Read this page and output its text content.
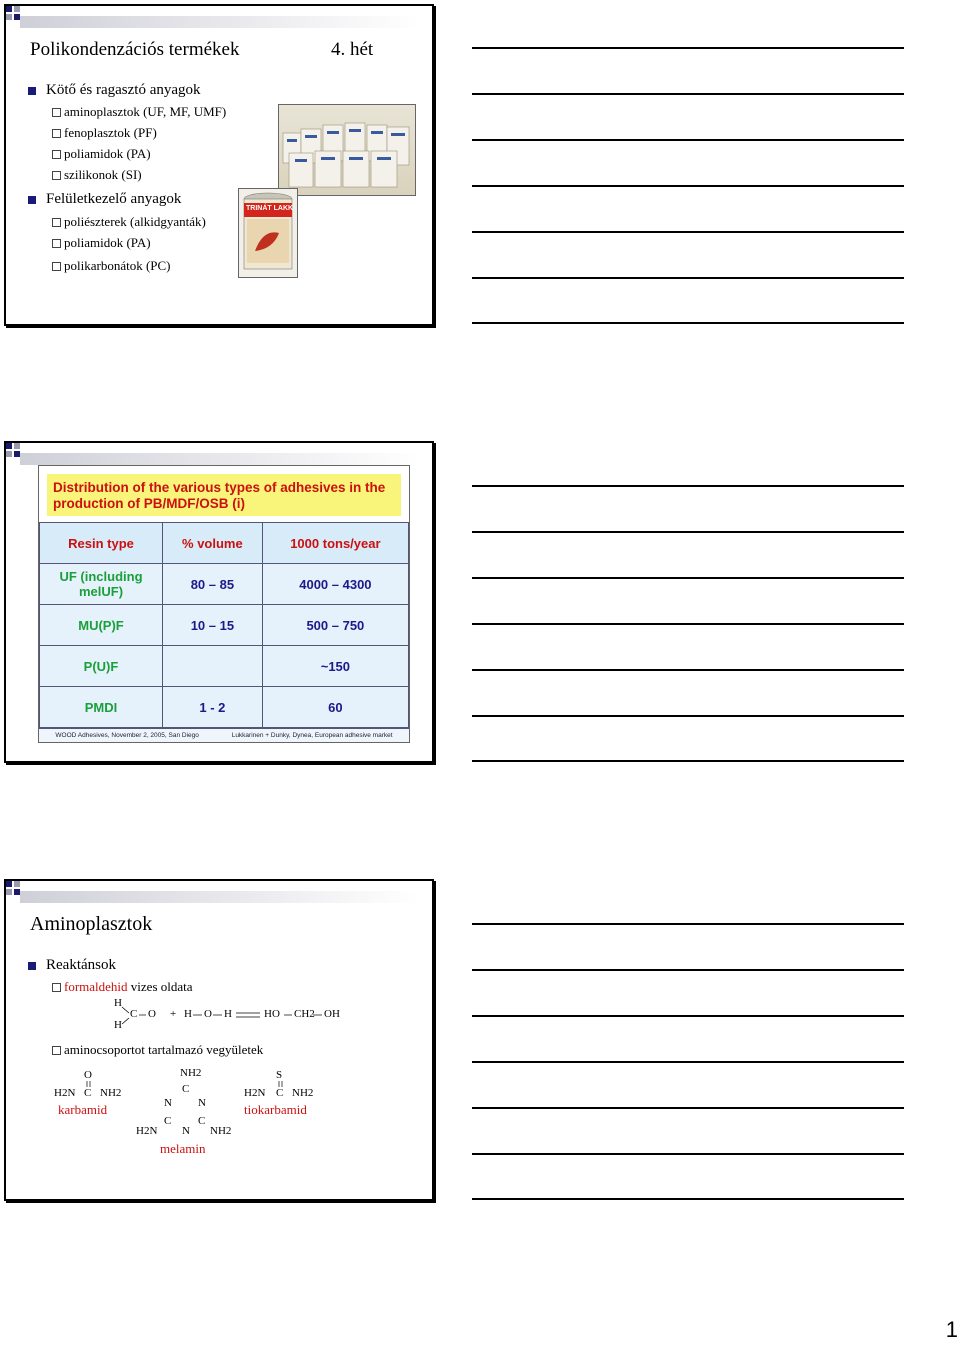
Polikondenzációs termékek	4. hét
Kötő és ragasztó anyagok
aminoplasztok (UF, MF, UMF)
fenoplasztok (PF)
poliamidok (PA)
szilikonok (SI)
Felületkezelő anyagok
poliészterek (alkidgyanták)
poliamidok (PA)
polikarbonátok (PC)
TRINÁT LAKK
Distribution of the various types of adhesives in the production of PB/MDF/OSB (i)
Resin type	% volume	1000 tons/year
UF (including melUF)	80 – 85	4000 – 4300
MU(P)F	10 – 15	500 – 750
P(U)F		~150
PMDI	1 - 2	60
WOOD Adhesives, November 2, 2005, San Diego	Lukkarinen + Dunky, Dynea, European adhesive market
Aminoplasztok
Reaktánsok
formaldehid vizes oldata
H
H
C O + H O H	HO CH2 OH
aminocsoportot tartalmazó vegyületek
O
H2N C NH2
karbamid
NH2
C
N N
C C
N
H2N	NH2
melamin
S
H2N C NH2
tiokarbamid
1
